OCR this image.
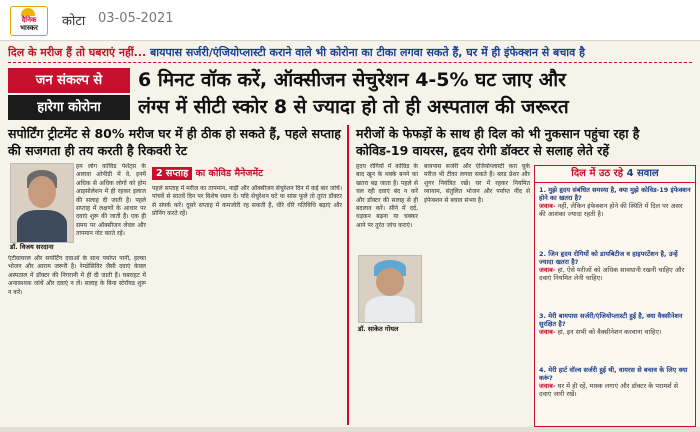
दैनिक
भास्कर	कोटा 03-05-2021
दिल के मरीज हैं तो घबराएं नहीं... बायपास सर्जरी/एंजियोप्लास्टी कराने वाले भी कोरोना का टीका लगवा सकते हैं, घर में ही इंफेक्शन से बचाव है
जन संकल्प से
हारेगा कोरोना
6 मिनट वॉक करें, ऑक्सीजन सेचुरेशन 4-5% घट जाए और
लंग्स में सीटी स्कोर 8 से ज्यादा हो तो ही अस्पताल की जरूरत
सपोर्टिंग ट्रीटमेंट से 80% मरीज घर में ही ठीक हो सकते हैं, पहले सप्ताह की सजगता ही तय करती है रिकवरी रेट
मरीजों के फेफड़ों के साथ ही दिल को भी नुकसान पहुंचा रहा है कोविड-19 वायरस, हृदय रोगी डॉक्टर से सलाह लेते रहें
डॉ. विजय सरदाना
हम लोग कोविड पेशेंट्स के अलावा ओपीडी में वे, इनमें अधिक से अधिक लोगों को होम आइसोलेशन में ही रहकर इलाज की सलाह दी जाती है। पहले सप्ताह में लक्षणों के आधार पर दवाएं शुरू की जाती हैं। एक ही समय पर ऑक्सीजन लेवल और तापमान नोट करते रहें।
एंटीवायरल और सपोर्टिंग दवाओं के साथ पर्याप्त पानी, हल्का भोजन और आराम जरूरी है। रेमडेसिविर जैसी दवाएं केवल अस्पताल में डॉक्टर की निगरानी में ही दी जाती हैं। घबराहट में अनावश्यक जांचें और दवाएं न लें। सलाह के बिना स्टेरॉयड शुरू न करें।
2 सप्ताह का कोविड मैनेजमेंट
पहले सप्ताह में मरीज का तापमान, नाड़ी और ऑक्सीजन सेचुरेशन दिन में कई बार जांचें। पांचवें से सातवें दिन पर विशेष ध्यान दें। यदि सेचुरेशन घटे या सांस फूले तो तुरंत डॉक्टर से संपर्क करें। दूसरे सप्ताह में कमजोरी रह सकती है, धीरे धीरे गतिविधि बढ़ाएं और प्रोनिंग करते रहें।
हृदय रोगियों में कोविड के बाद खून के थक्के बनने का खतरा बढ़ जाता है। पहले से चल रही दवाएं बंद न करें और डॉक्टर की सलाह से ही बदलाव करें। सीने में दर्द, धड़कन बढ़ना या चक्कर आने पर तुरंत जांच कराएं।
डॉ. साकेत गोयल
बायपास सर्जरी और एंजियोप्लास्टी करा चुके मरीज भी टीका लगवा सकते हैं। ब्लड प्रेशर और शुगर नियंत्रित रखें। घर में रहकर नियमित व्यायाम, संतुलित भोजन और पर्याप्त नींद से इंफेक्शन से बचाव संभव है।
दिल में उठ रहे 4 सवाल
1. मुझे हृदय संबंधित समस्या है, क्या मुझे कोविड-19 इंफेक्शन होने का खतरा है?
जवाब- नहीं, लेकिन इंफेक्शन होने की स्थिति में दिल पर असर की आशंका ज्यादा रहती है।
2. जिन हृदय रोगियों को डायबिटीज व हाइपरटेंशन है, उन्हें ज्यादा खतरा है?
जवाब- हां, ऐसे मरीजों को अधिक सावधानी रखनी चाहिए और दवाएं नियमित लेनी चाहिए।
3. मेरी बायपास सर्जरी/एंजियोप्लास्टी हुई है, क्या वैक्सीनेशन सुरक्षित है?
जवाब- हां, इन सभी को वैक्सीनेशन करवाना चाहिए।
4. मेरी हार्ट वॉल्व सर्जरी हुई थी, वायरस से बचाव के लिए क्या करूं?
जवाब- घर में ही रहें, मास्क लगाएं और डॉक्टर के परामर्श से दवाएं जारी रखें।
